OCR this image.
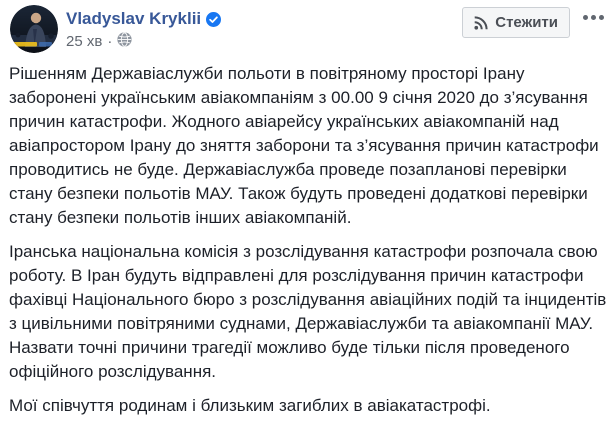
Vladyslav Kryklii
25 хв ·
Стежити

Рішенням Державіаслужби польоти в повітряному просторі Ірану заборонені українським авіакомпаніям з 00.00 9 січня 2020 до з’ясування причин катастрофи. Жодного авіарейсу українських авіакомпаній над авіапростором Ірану до зняття заборони та з’ясування причин катастрофи проводитись не буде. Державіаслужба проведе позапланові перевірки стану безпеки польотів МАУ. Також будуть проведені додаткові перевірки стану безпеки польотів інших авіакомпаній.

Іранська національна комісія з розслідування катастрофи розпочала свою роботу. В Іран будуть відправлені для розслідування причин катастрофи фахівці Національного бюро з розслідування авіаційних подій та інцидентів з цивільними повітряними суднами, Державіаслужби та авіакомпанії МАУ. Назвати точні причини трагедії можливо буде тільки після проведеного офіційного розслідування.

Мої співчуття родинам і близьким загиблих в авіакатастрофі.
